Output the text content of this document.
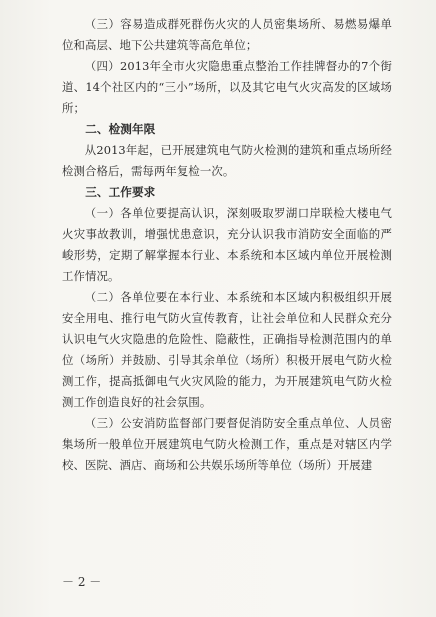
（三）容易造成群死群伤火灾的人员密集场所、易燃易爆单位和高层、地下公共建筑等高危单位；

（四）2013年全市火灾隐患重点整治工作挂牌督办的7个街道、14个社区内的“三小”场所，以及其它电气火灾高发的区域场所；

二、检测年限

从2013年起，已开展建筑电气防火检测的建筑和重点场所经检测合格后，需每两年复检一次。

三、工作要求

（一）各单位要提高认识，深刻吸取罗湖口岸联检大楼电气火灾事故教训，增强忧患意识，充分认识我市消防安全面临的严峻形势，定期了解掌握本行业、本系统和本区域内单位开展检测工作情况。

（二）各单位要在本行业、本系统和本区域内积极组织开展安全用电、推行电气防火宣传教育，让社会单位和人民群众充分认识电气火灾隐患的危险性、隐蔽性，正确指导检测范围内的单位（场所）并鼓励、引导其余单位（场所）积极开展电气防火检测工作，提高抵御电气火灾风险的能力，为开展建筑电气防火检测工作创造良好的社会氛围。

（三）公安消防监督部门要督促消防安全重点单位、人员密集场所一般单位开展建筑电气防火检测工作，重点是对辖区内学校、医院、酒店、商场和公共娱乐场所等单位（场所）开展建

－ 2 －
